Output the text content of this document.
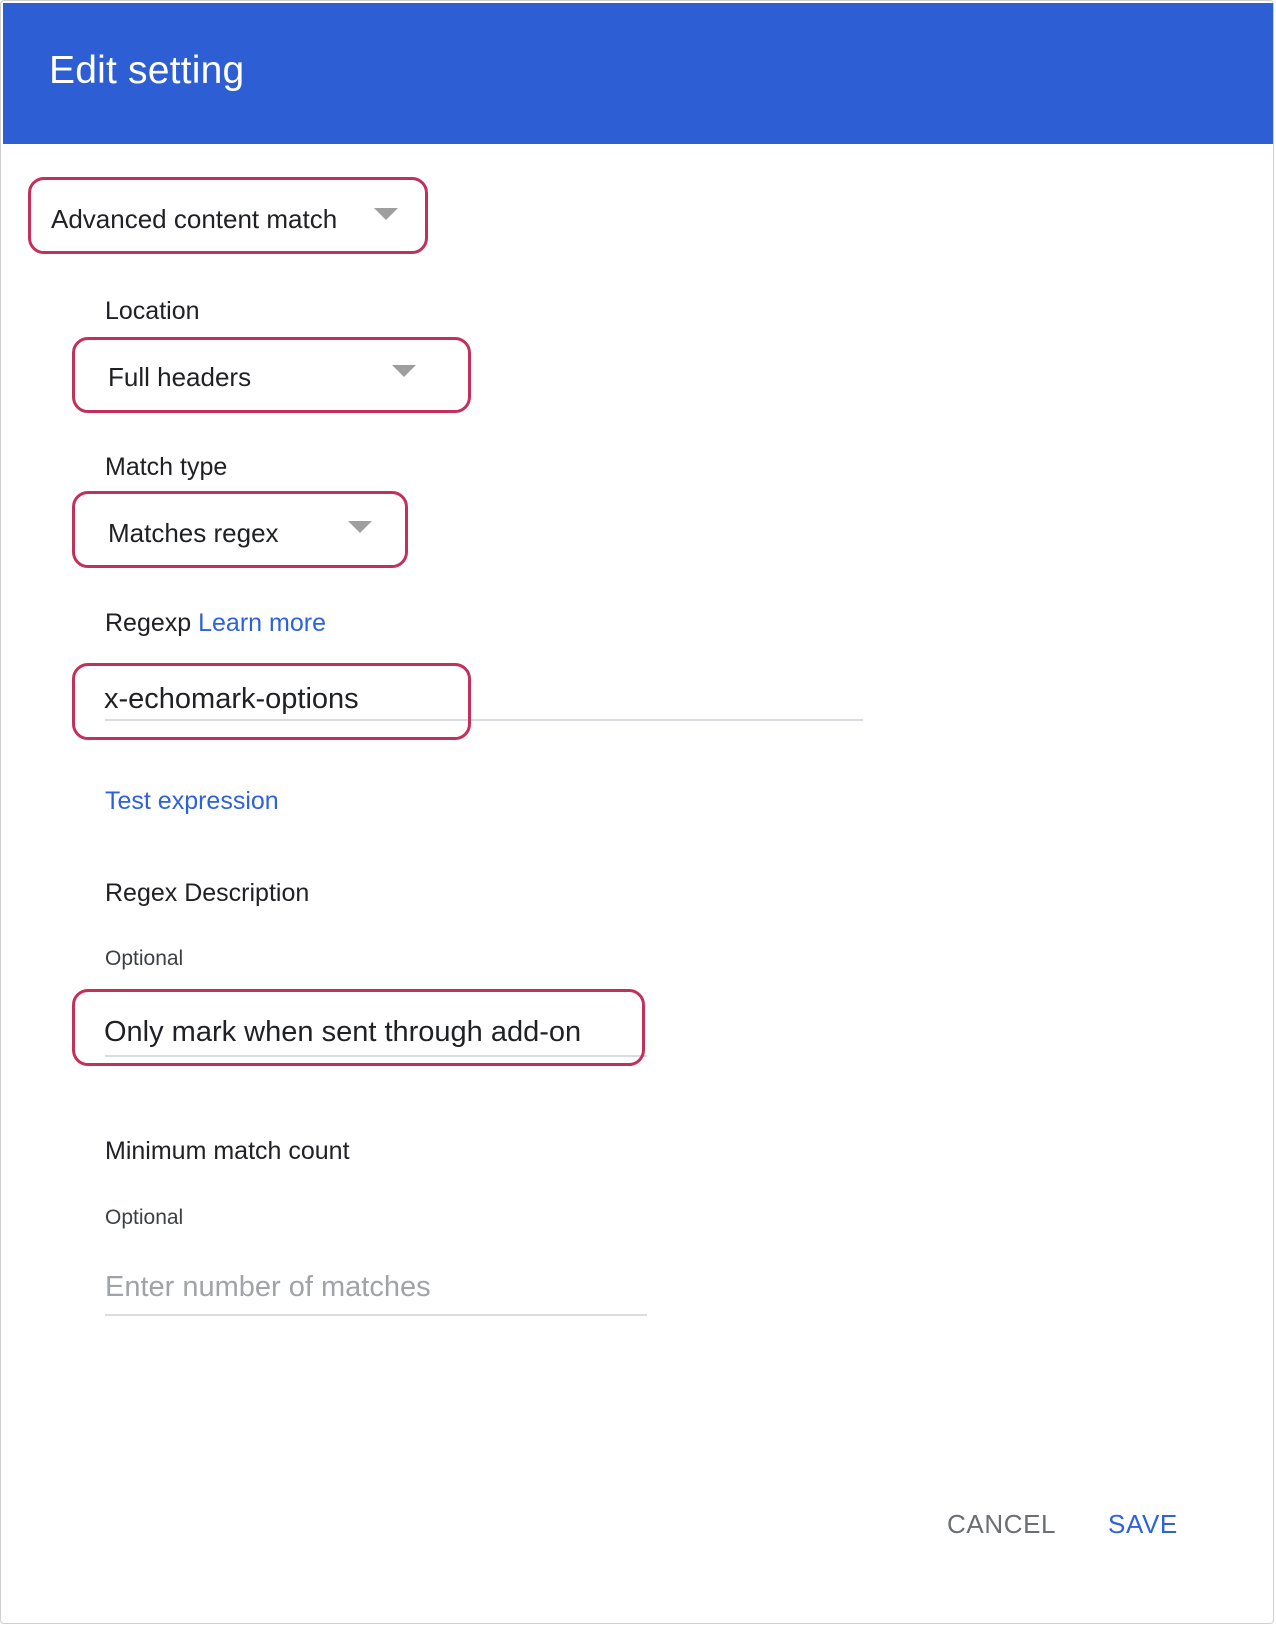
Edit setting
Advanced content match
Location
Full headers
Match type
Matches regex
Regexp Learn more
x-echomark-options
Test expression
Regex Description
Optional
Only mark when sent through add-on
Minimum match count
Optional
Enter number of matches
CANCEL SAVE
